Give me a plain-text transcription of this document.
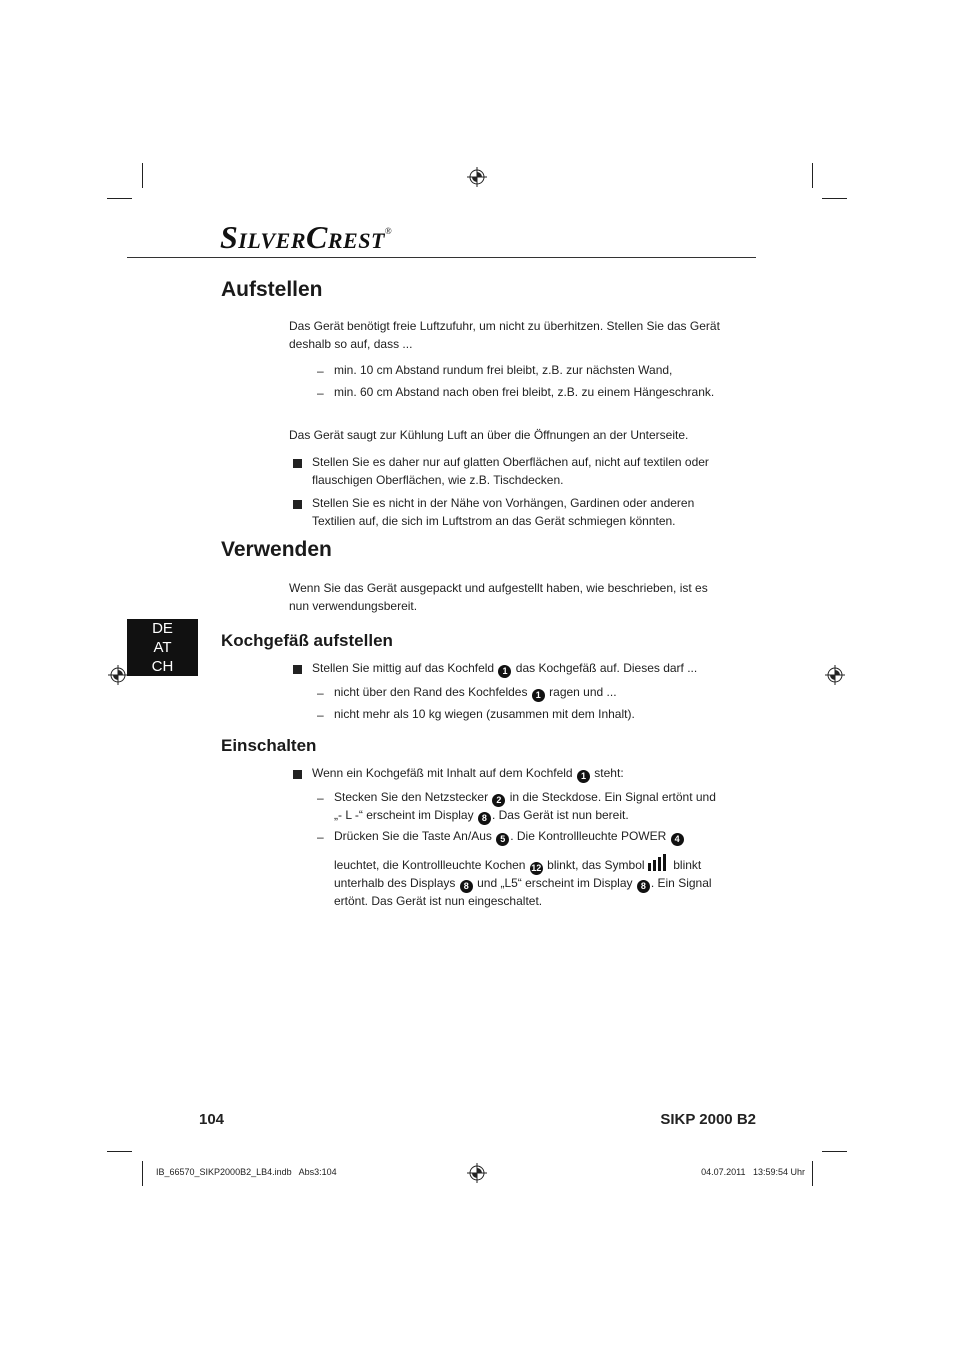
SILVERCREST®
Aufstellen
Das Gerät benötigt freie Luftzufuhr, um nicht zu überhitzen. Stellen Sie das Gerät
deshalb so auf, dass ...
– min. 10 cm Abstand rundum frei bleibt, z.B. zur nächsten Wand,
– min. 60 cm Abstand nach oben frei bleibt, z.B. zu einem Hängeschrank.
Das Gerät saugt zur Kühlung Luft an über die Öffnungen an der Unterseite.
Stellen Sie es daher nur auf glatten Oberflächen auf, nicht auf textilen oder
flauschigen Oberflächen, wie z.B. Tischdecken.
Stellen Sie es nicht in der Nähe von Vorhängen, Gardinen oder anderen
Textilien auf, die sich im Luftstrom an das Gerät schmiegen könnten.
Verwenden
Wenn Sie das Gerät ausgepackt und aufgestellt haben, wie beschrieben, ist es
nun verwendungsbereit.
DE
AT
CH
Kochgefäß aufstellen
Stellen Sie mittig auf das Kochfeld 1 das Kochgefäß auf. Dieses darf ...
– nicht über den Rand des Kochfeldes 1 ragen und ...
– nicht mehr als 10 kg wiegen (zusammen mit dem Inhalt).
Einschalten
Wenn ein Kochgefäß mit Inhalt auf dem Kochfeld 1 steht:
– Stecken Sie den Netzstecker 2 in die Steckdose. Ein Signal ertönt und
„- L -“ erscheint im Display 8 . Das Gerät ist nun bereit.
– Drücken Sie die Taste An/Aus 5 . Die Kontrollleuchte POWER 4
leuchtet, die Kontrollleuchte Kochen 12 blinkt, das Symbol blinkt
unterhalb des Displays 8 und „L5“ erscheint im Display 8 . Ein Signal
ertönt. Das Gerät ist nun eingeschaltet.
104	SIKP 2000 B2
IB_66570_SIKP2000B2_LB4.indb   Abs3:104	04.07.2011   13:59:54 Uhr
